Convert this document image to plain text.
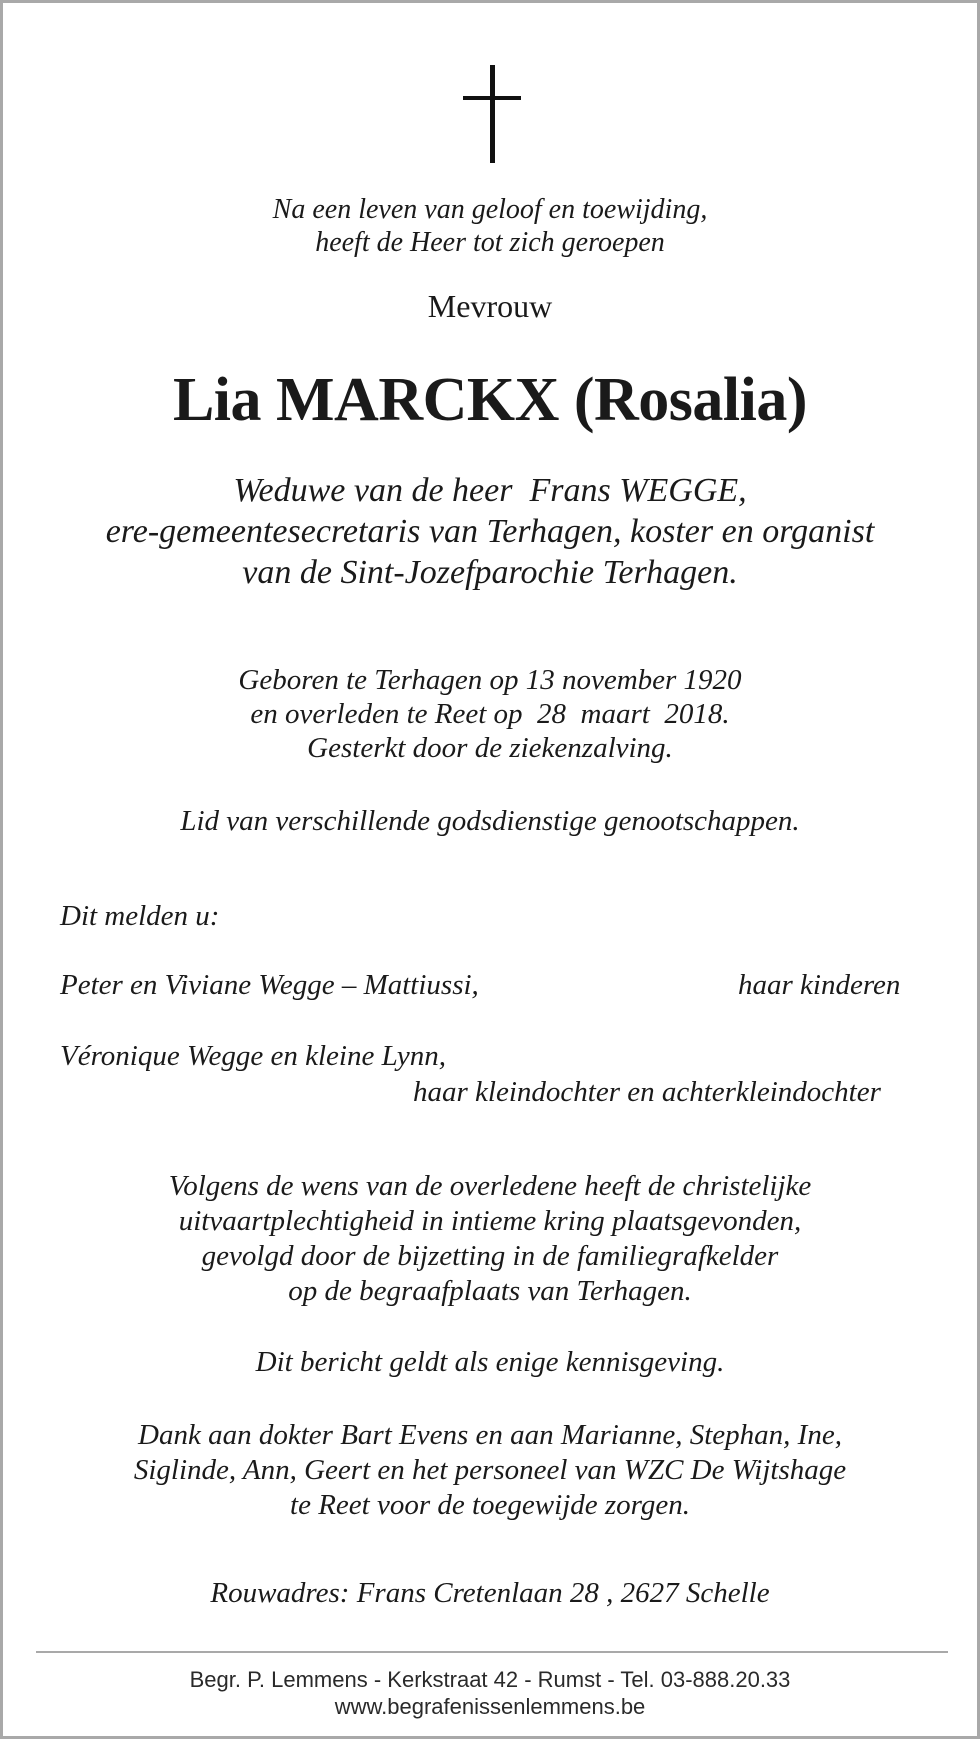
Na een leven van geloof en toewijding,
heeft de Heer tot zich geroepen
Mevrouw
Lia MARCKX (Rosalia)
Weduwe van de heer  Frans WEGGE,
ere-gemeentesecretaris van Terhagen, koster en organist
van de Sint-Jozefparochie Terhagen.
Geboren te Terhagen op 13 november 1920
en overleden te Reet op  28  maart  2018.
Gesterkt door de ziekenzalving.
Lid van verschillende godsdienstige genootschappen.
Dit melden u:
Peter en Viviane Wegge – Mattiussi,	haar kinderen
Véronique Wegge en kleine Lynn,
haar kleindochter en achterkleindochter
Volgens de wens van de overledene heeft de christelijke
uitvaartplechtigheid in intieme kring plaatsgevonden,
gevolgd door de bijzetting in de familiegrafkelder
op de begraafplaats van Terhagen.
Dit bericht geldt als enige kennisgeving.
Dank aan dokter Bart Evens en aan Marianne, Stephan, Ine,
Siglinde, Ann, Geert en het personeel van WZC De Wijtshage
te Reet voor de toegewijde zorgen.
Rouwadres: Frans Cretenlaan 28 , 2627 Schelle
Begr. P. Lemmens - Kerkstraat 42 - Rumst - Tel. 03-888.20.33
www.begrafenissenlemmens.be
